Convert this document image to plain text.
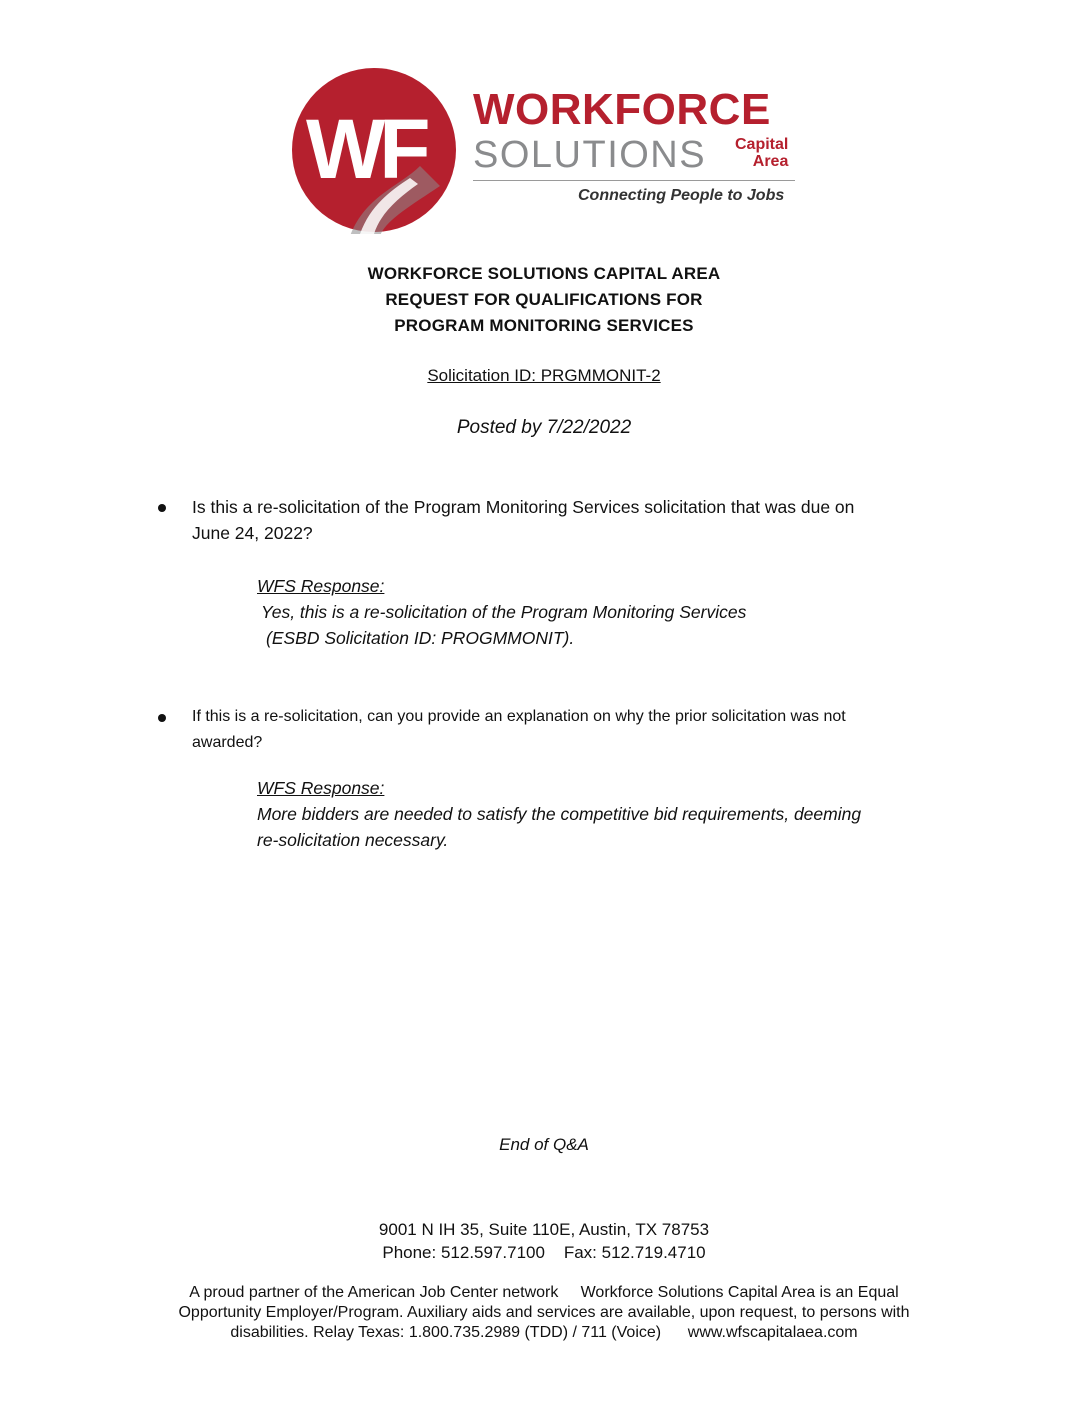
WF WORKFORCE
SOLUTIONS Capital
Area
Connecting People to Jobs
WORKFORCE SOLUTIONS CAPITAL AREA
REQUEST FOR QUALIFICATIONS FOR
PROGRAM MONITORING SERVICES
Solicitation ID: PRGMMONIT-2
Posted by 7/22/2022
Is this a re-solicitation of the Program Monitoring Services solicitation that was due on
June 24, 2022?
WFS Response:
Yes, this is a re-solicitation of the Program Monitoring Services
(ESBD Solicitation ID: PROGMMONIT).
If this is a re-solicitation, can you provide an explanation on why the prior solicitation was not
awarded?
WFS Response:
More bidders are needed to satisfy the competitive bid requirements, deeming
re-solicitation necessary.
End of Q&A
9001 N IH 35, Suite 110E, Austin, TX 78753
Phone: 512.597.7100    Fax: 512.719.4710
A proud partner of the American Job Center network     Workforce Solutions Capital Area is an Equal
Opportunity Employer/Program. Auxiliary aids and services are available, upon request, to persons with
disabilities. Relay Texas: 1.800.735.2989 (TDD) / 711 (Voice)      www.wfscapitalaea.com
